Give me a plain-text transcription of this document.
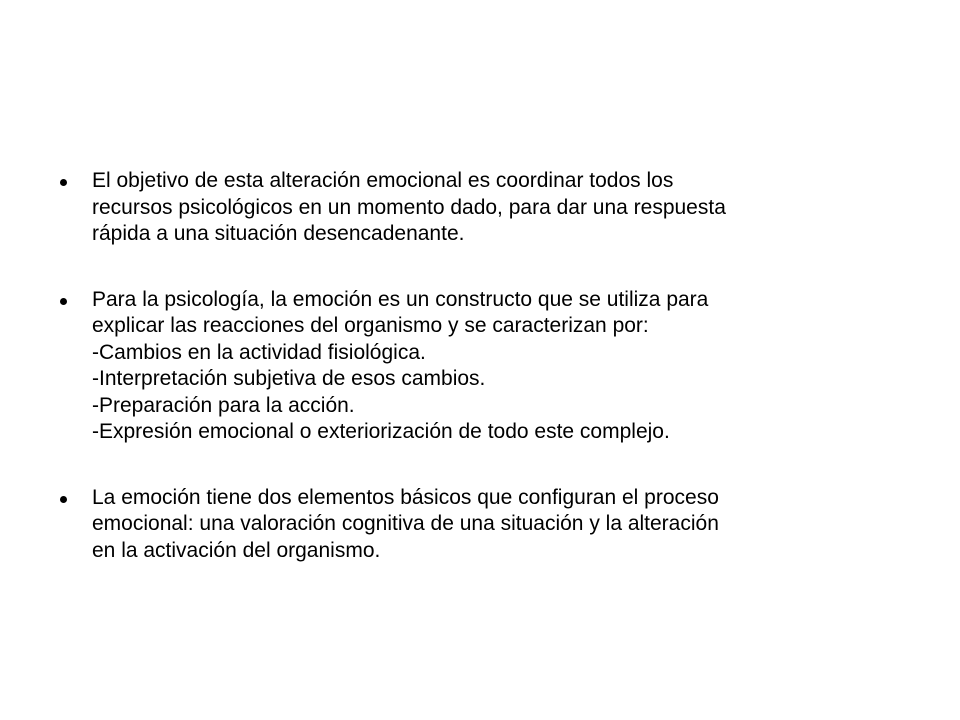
El objetivo de esta alteración emocional es coordinar todos los
recursos psicológicos en un momento dado, para dar una respuesta
rápida a una situación desencadenante.
Para la psicología, la emoción es un constructo que se utiliza para
explicar las reacciones del organismo y se caracterizan por:
-Cambios en la actividad fisiológica.
-Interpretación subjetiva de esos cambios.
-Preparación para la acción.
-Expresión emocional o exteriorización de todo este complejo.
La emoción tiene dos elementos básicos que configuran el proceso
emocional: una valoración cognitiva de una situación y la alteración
en la activación del organismo.
